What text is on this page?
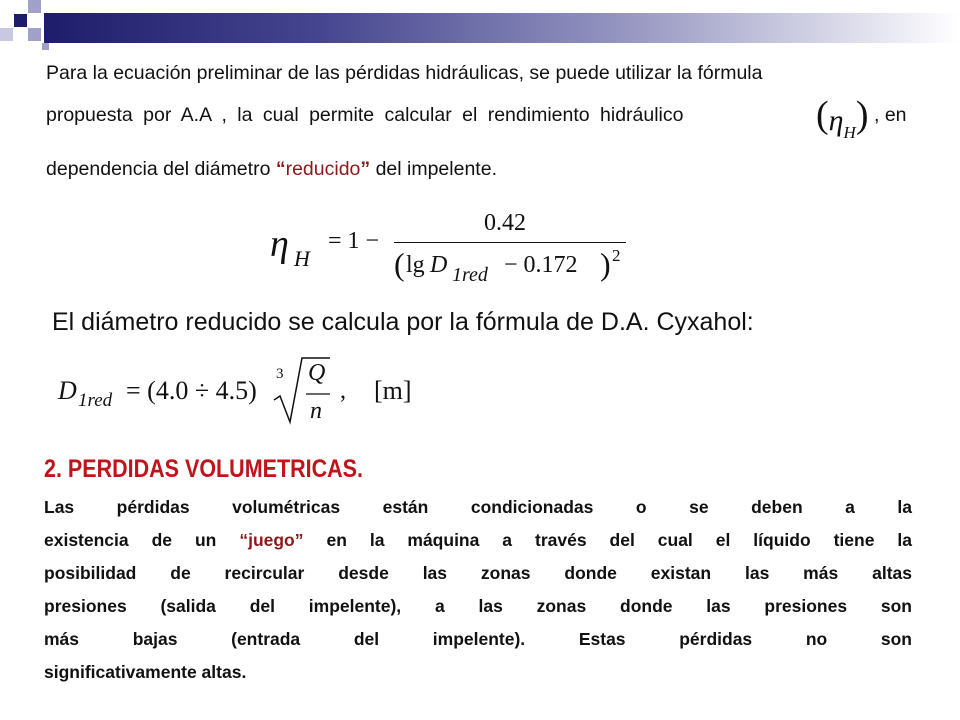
Para la ecuación preliminar de las pérdidas hidráulicas, se puede utilizar la fórmula
propuesta por A.A , la cual permite calcular el rendimiento hidráulico	(ηH) , en
dependencia del diámetro “reducido” del impelente.
η H
= 1 −
0.42
( lg D 1red − 0.172 ) 2
El diámetro reducido se calcula por la fórmula de D.A. Cyxahol:
D 1red = (4.0 ÷ 4.5)
3 Q
n
, [m]
2. PERDIDAS VOLUMETRICAS.
Las pérdidas volumétricas están condicionadas o se deben a la
existencia de un “juego” en la máquina a través del cual el líquido tiene la
posibilidad de recircular desde las zonas donde existan las más altas
presiones (salida del impelente), a las zonas donde las presiones son
más bajas (entrada del impelente). Estas pérdidas no son
significativamente altas.
